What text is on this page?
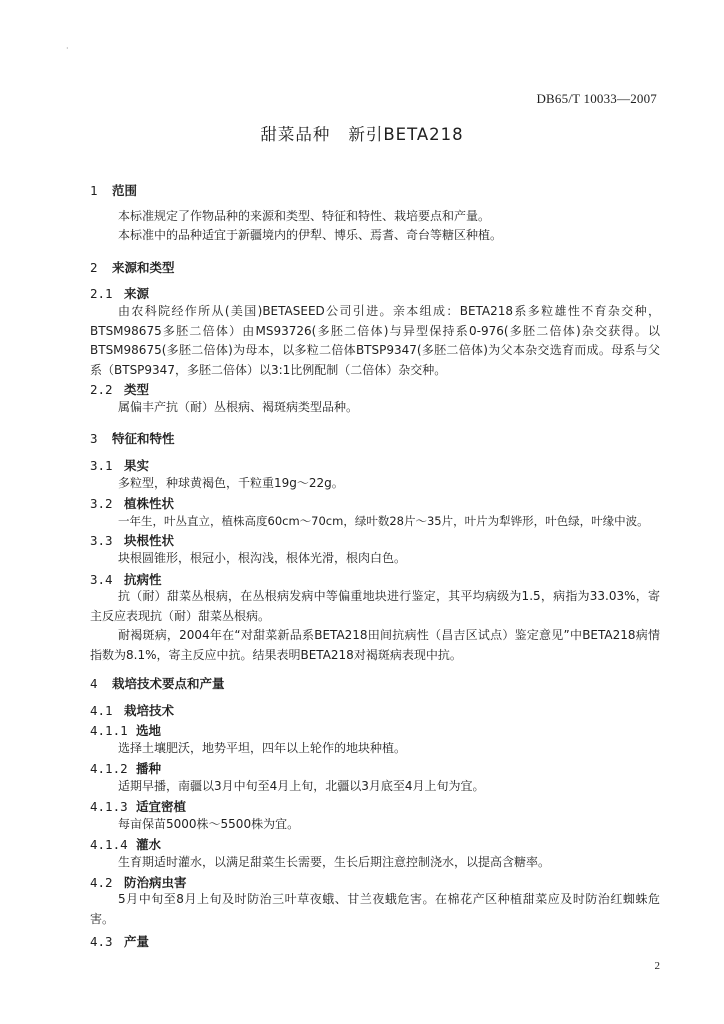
·
DB65/T 10033—2007
甜菜品种 新引BETA218
1 范围
本标准规定了作物品种的来源和类型、特征和特性、栽培要点和产量。
本标准中的品种适宜于新疆境内的伊犁、博乐、焉耆、奇台等糖区种植。
2 来源和类型
2.1 来源
由农科院经作所从(美国)BETASEED公司引进。亲本组成：BETA218系多粒雄性不育杂交种，BTSM98675多胚二倍体）由MS93726(多胚二倍体)与异型保持系0-976(多胚二倍体)杂交获得。以BTSM98675(多胚二倍体)为母本，以多粒二倍体BTSP9347(多胚二倍体)为父本杂交选育而成。母系与父系（BTSP9347，多胚二倍体）以3:1比例配制（二倍体）杂交种。
2.2 类型
属偏丰产抗（耐）丛根病、褐斑病类型品种。
3 特征和特性
3.1 果实
多粒型，种球黄褐色，千粒重19g～22g。
3.2 植株性状
一年生，叶丛直立，植株高度60cm～70cm，绿叶数28片～35片，叶片为犁铧形，叶色绿，叶缘中波。
3.3 块根性状
块根圆锥形，根冠小，根沟浅，根体光滑，根肉白色。
3.4 抗病性
抗（耐）甜菜丛根病，在丛根病发病中等偏重地块进行鉴定，其平均病级为1.5，病指为33.03%，寄主反应表现抗（耐）甜菜丛根病。
耐褐斑病，2004年在“对甜菜新品系BETA218田间抗病性（昌吉区试点）鉴定意见”中BETA218病情指数为8.1%，寄主反应中抗。结果表明BETA218对褐斑病表现中抗。
4 栽培技术要点和产量
4.1 栽培技术
4.1.1 选地
选择土壤肥沃，地势平坦，四年以上轮作的地块种植。
4.1.2 播种
适期早播，南疆以3月中旬至4月上旬，北疆以3月底至4月上旬为宜。
4.1.3 适宜密植
每亩保苗5000株～5500株为宜。
4.1.4 灌水
生育期适时灌水，以满足甜菜生长需要，生长后期注意控制浇水，以提高含糖率。
4.2 防治病虫害
5月中旬至8月上旬及时防治三叶草夜蛾、甘兰夜蛾危害。在棉花产区种植甜菜应及时防治红蜘蛛危害。
4.3 产量
2
